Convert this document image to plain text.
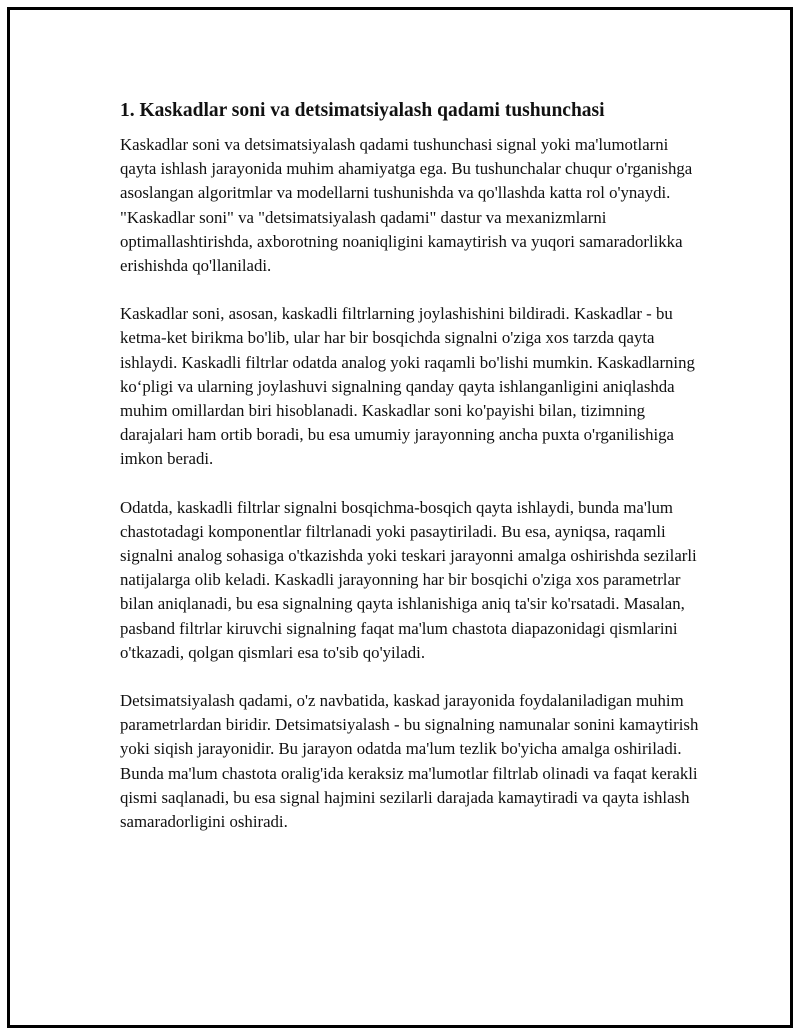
1. Kaskadlar soni va detsimatsiyalash qadami tushunchasi

Kaskadlar soni va detsimatsiyalash qadami tushunchasi signal yoki ma'lumotlarni qayta ishlash jarayonida muhim ahamiyatga ega. Bu tushunchalar chuqur o'rganishga asoslangan algoritmlar va modellarni tushunishda va qo'llashda katta rol o'ynaydi. "Kaskadlar soni" va "detsimatsiyalash qadami" dastur va mexanizmlarni optimallashtirishda, axborotning noaniqligini kamaytirish va yuqori samaradorlikka erishishda qo'llaniladi.

Kaskadlar soni, asosan, kaskadli filtrlarning joylashishini bildiradi. Kaskadlar - bu ketma-ket birikma bo'lib, ular har bir bosqichda signalni o'ziga xos tarzda qayta ishlaydi. Kaskadli filtrlar odatda analog yoki raqamli bo'lishi mumkin. Kaskadlarning ko‘pligi va ularning joylashuvi signalning qanday qayta ishlanganligini aniqlashda muhim omillardan biri hisoblanadi. Kaskadlar soni ko'payishi bilan, tizimning darajalari ham ortib boradi, bu esa umumiy jarayonning ancha puxta o'rganilishiga imkon beradi.

Odatda, kaskadli filtrlar signalni bosqichma-bosqich qayta ishlaydi, bunda ma'lum chastotadagi komponentlar filtrlanadi yoki pasaytiriladi. Bu esa, ayniqsa, raqamli signalni analog sohasiga o'tkazishda yoki teskari jarayonni amalga oshirishda sezilarli natijalarga olib keladi. Kaskadli jarayonning har bir bosqichi o'ziga xos parametrlar bilan aniqlanadi, bu esa signalning qayta ishlanishiga aniq ta'sir ko'rsatadi. Masalan, pasband filtrlar kiruvchi signalning faqat ma'lum chastota diapazonidagi qismlarini o'tkazadi, qolgan qismlari esa to'sib qo'yiladi.

Detsimatsiyalash qadami, o'z navbatida, kaskad jarayonida foydalaniladigan muhim parametrlardan biridir. Detsimatsiyalash - bu signalning namunalar sonini kamaytirish yoki siqish jarayonidir. Bu jarayon odatda ma'lum tezlik bo'yicha amalga oshiriladi. Bunda ma'lum chastota oralig'ida keraksiz ma'lumotlar filtrlab olinadi va faqat kerakli qismi saqlanadi, bu esa signal hajmini sezilarli darajada kamaytiradi va qayta ishlash samaradorligini oshiradi.
